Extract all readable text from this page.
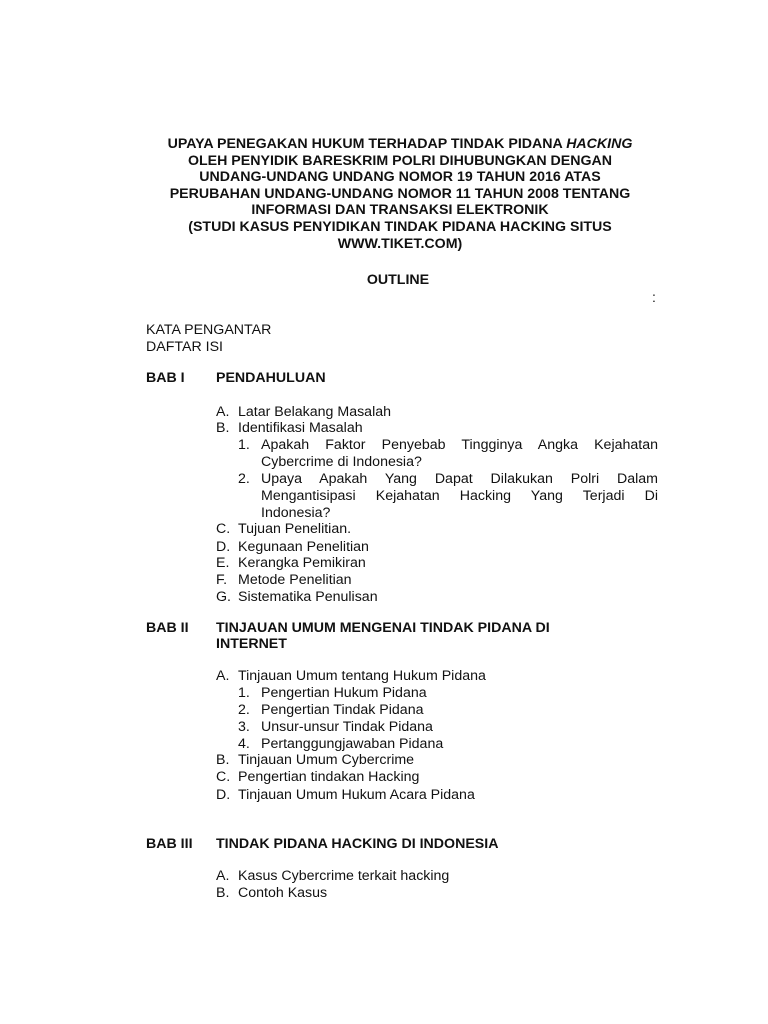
UPAYA PENEGAKAN HUKUM TERHADAP TINDAK PIDANA HACKING
OLEH PENYIDIK BARESKRIM POLRI DIHUBUNGKAN DENGAN
UNDANG-UNDANG UNDANG NOMOR 19 TAHUN 2016 ATAS
PERUBAHAN UNDANG-UNDANG NOMOR 11 TAHUN 2008 TENTANG
INFORMASI DAN TRANSAKSI ELEKTRONIK
(STUDI KASUS PENYIDIKAN TINDAK PIDANA HACKING SITUS
WWW.TIKET.COM)
OUTLINE
:
KATA PENGANTAR
DAFTAR ISI
BAB I PENDAHULUAN
A. Latar Belakang Masalah
B. Identifikasi Masalah
1. Apakah Faktor Penyebab Tingginya Angka Kejahatan
Cybercrime di Indonesia?
2. Upaya Apakah Yang Dapat Dilakukan Polri Dalam
Mengantisipasi Kejahatan Hacking Yang Terjadi Di
Indonesia?
C. Tujuan Penelitian.
D. Kegunaan Penelitian
E. Kerangka Pemikiran
F. Metode Penelitian
G. Sistematika Penulisan
BAB II TINJAUAN UMUM MENGENAI TINDAK PIDANA DI
INTERNET
A. Tinjauan Umum tentang Hukum Pidana
1. Pengertian Hukum Pidana
2. Pengertian Tindak Pidana
3. Unsur-unsur Tindak Pidana
4. Pertanggungjawaban Pidana
B. Tinjauan Umum Cybercrime
C. Pengertian tindakan Hacking
D. Tinjauan Umum Hukum Acara Pidana
BAB III TINDAK PIDANA HACKING DI INDONESIA
A. Kasus Cybercrime terkait hacking
B. Contoh Kasus
